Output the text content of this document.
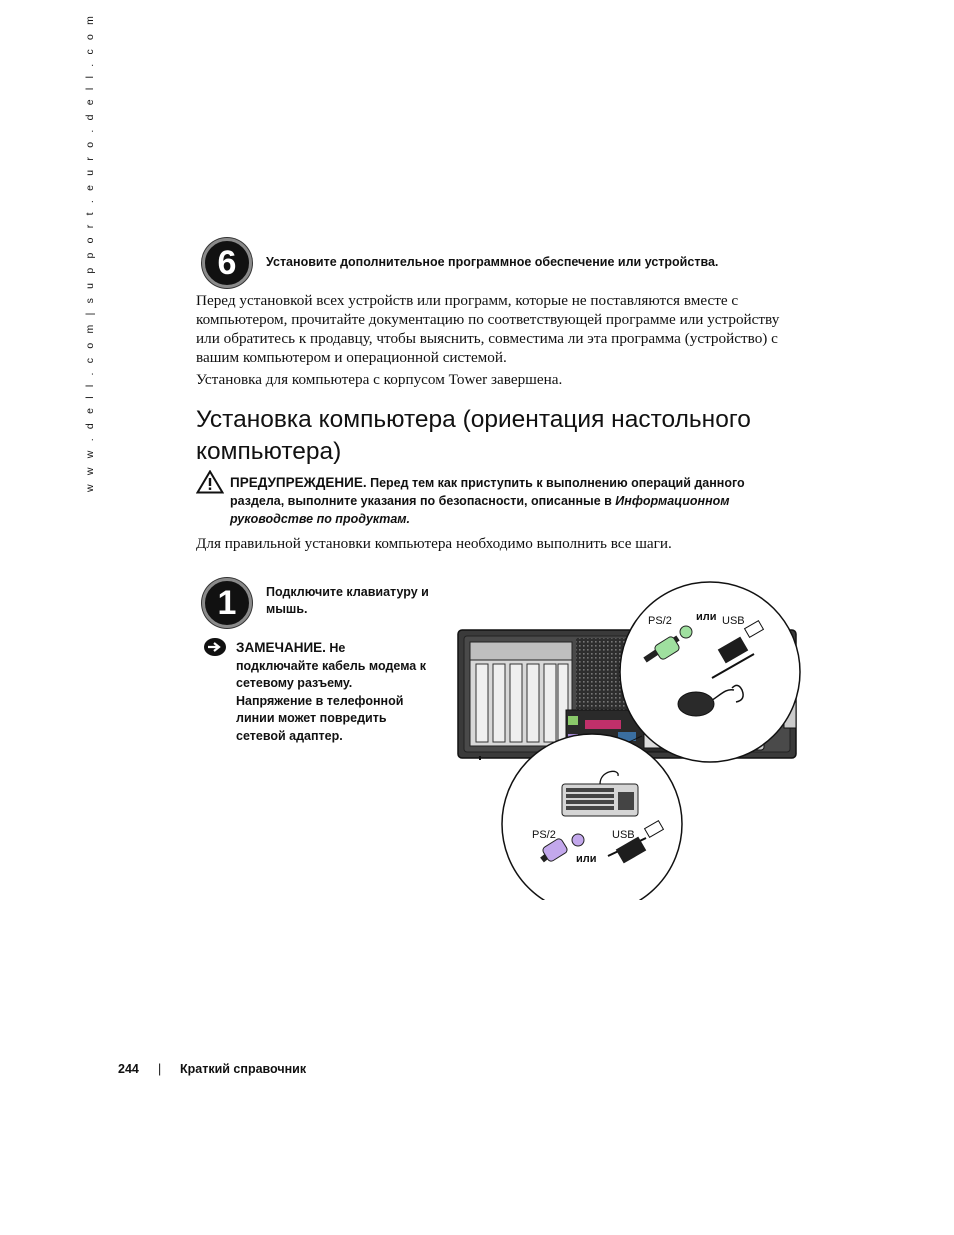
w w w . d e l l . c o m | s u p p o r t . e u r o . d e l l . c o m	6	Установите дополнительное программное обеспечение или устройства.
Перед установкой всех устройств или программ, которые не поставляются вместе с компьютером, прочитайте документацию по соответствующей программе или устройству или обратитесь к продавцу, чтобы выяснить, совместима ли эта программа (устройство) с вашим компьютером и операционной системой.
Установка для компьютера с корпусом Tower завершена.
Установка компьютера (ориентация настольного компьютера)
ПРЕДУПРЕЖДЕНИЕ. Перед тем как приступить к выполнению операций данного раздела, выполните указания по безопасности, описанные в Информационном руководстве по продуктам.
Для правильной установки компьютера необходимо выполнить все шаги.
1	Подключите клавиатуру и мышь.
ЗАМЕЧАНИЕ. Не подключайте кабель модема к сетевому разъему. Напряжение в телефонной линии может повредить сетевой адаптер.
PS/2 или USB
PS/2
или
USB
244 | Краткий справочник
